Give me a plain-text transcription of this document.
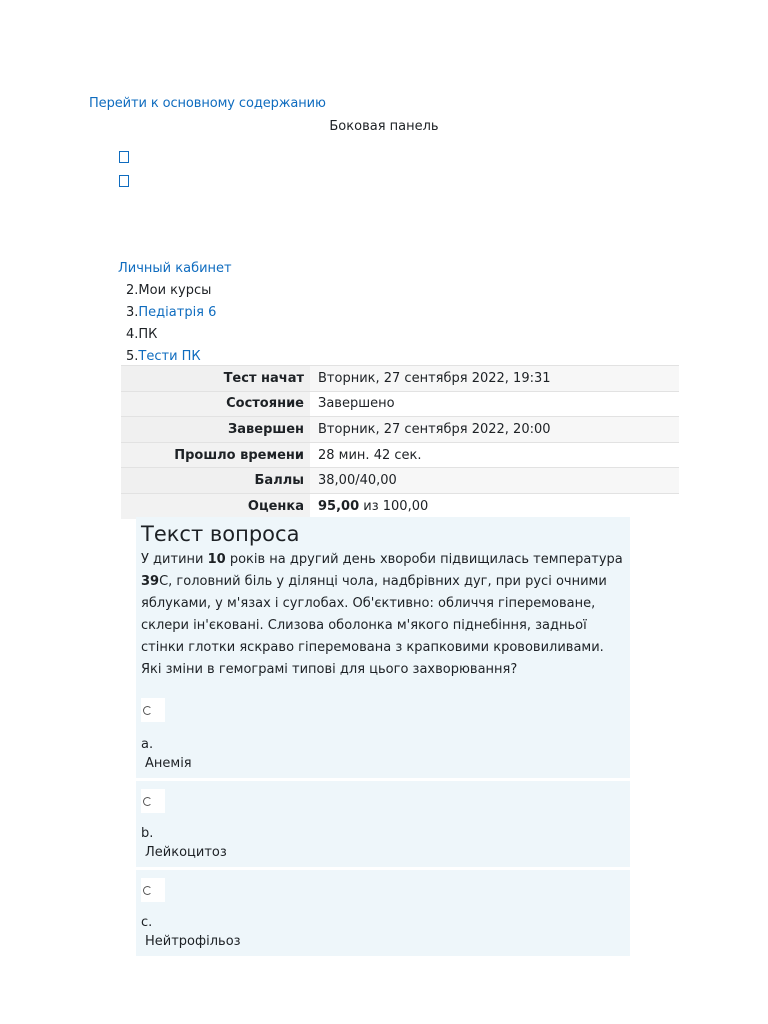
Перейти к основному содержанию
Боковая панель
Личный кабинет
2.Мои курсы
3.Педіатрія 6
4.ПК
5.Тести ПК
Тест начат	Вторник, 27 сентября 2022, 19:31
Состояние	Завершено
Завершен	Вторник, 27 сентября 2022, 20:00
Прошло времени	28 мин. 42 сек.
Баллы	38,00/40,00
Оценка	95,00 из 100,00
Текст вопроса

У дитини 10 років на другий день хвороби підвищилась температура 39С, головний біль у ділянці чола, надбрівних дуг, при русі очними яблуками, у м'язах і суглобах. Об'єктивно: обличчя гіперемоване, склери ін'єковані. Слизова оболонка м'якого піднебіння, задньої стінки глотки яскраво гіперемована з крапковими крововиливами. Які зміни в гемограмі типові для цього захворювання?

a.
Анемія
b.
Лейкоцитоз
c.
Нейтрофільоз
